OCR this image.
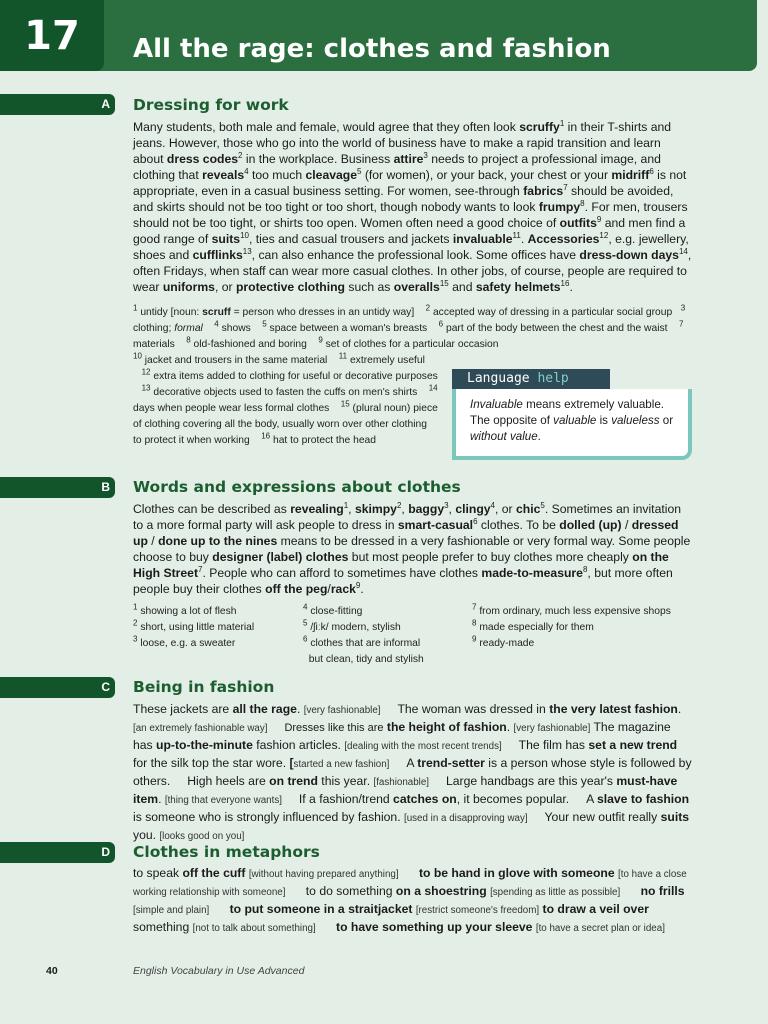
17	All the rage: clothes and fashion
A	Dressing for work

Many students, both male and female, would agree that they often look scruffy$^1$ in their T-shirts and jeans. However, those who go into the world of business have to make a rapid transition and learn about dress codes$^2$ in the workplace. Business attire$^3$ needs to project a professional image, and clothing that reveals$^4$ too much cleavage$^5$ (for women), or your back, your chest or your midriff$^6$ is not appropriate, even in a casual business setting. For women, see-through fabrics$^7$ should be avoided, and skirts should not be too tight or too short, though nobody wants to look frumpy$^8$. For men, trousers should not be too tight, or shirts too open. Women often need a good choice of outfits$^9$ and men find a good range of suits$^{10}$, ties and casual trousers and jackets invaluable$^{11}$. Accessories$^{12}$, e.g. jewellery, shoes and cufflinks$^{13}$, can also enhance the professional look. Some offices have dress-down days$^{14}$, often Fridays, when staff can wear more casual clothes. In other jobs, of course, people are required to wear uniforms, or protective clothing such as overalls$^{15}$ and safety helmets$^{16}$.

$^1$ untidy [noun: scruff = person who dresses in an untidy way]    $^2$ accepted way of dressing in a particular social group   $^3$ clothing; formal $^4$ shows    $^5$ space between a woman's breasts    $^6$ part of the body between the chest and the waist    $^7$ materials    $^8$ old-fashioned and boring    $^9$ set of clothes for a particular occasion
$^{10}$ jacket and trousers in the same material    $^{11}$ extremely useful    $^{12}$ extra items added to clothing for useful or decorative purposes    $^{13}$ decorative objects used to fasten the cuffs on men's shirts    $^{14}$ days when people wear less formal clothes    $^{15}$ (plural noun) piece of clothing covering all the body, usually worn over other clothing to protect it when working    $^{16}$ hat to protect the head
Language help
Invaluable means extremely valuable.
The opposite of valuable is valueless or
without value.
B	Words and expressions about clothes

Clothes can be described as revealing$^1$, skimpy$^2$, baggy$^3$, clingy$^4$, or chic$^5$. Sometimes an invitation to a more formal party will ask people to dress in smart-casual$^6$ clothes. To be dolled (up) / dressed up / done up to the nines means to be dressed in a very fashionable or very formal way. Some people choose to buy designer (label) clothes but most people prefer to buy clothes more cheaply on the High Street$^7$. People who can afford to sometimes have clothes made-to-measure$^8$, but more often people buy their clothes off the peg/rack$^9$.

$^1$ showing a lot of flesh
$^2$ short, using little material
$^3$ loose, e.g. a sweater
$^4$ close-fitting
$^5$ /ʃiːk/ modern, stylish
$^6$ clothes that are informal
but clean, tidy and stylish
$^7$ from ordinary, much less expensive shops
$^8$ made especially for them
$^9$ ready-made
C	Being in fashion

These jackets are all the rage. [very fashionable]     The woman was dressed in the very latest fashion. [an extremely fashionable way] Dresses like this are the height of fashion. [very fashionable] The magazine has up-to-the-minute fashion articles. [dealing with the most recent trends]     The film has set a new trend for the silk top the star wore. [started a new fashion]     A trend-setter is a person whose style is followed by others.     High heels are on trend this year. [fashionable]     Large handbags are this year's must-have item. [thing that everyone wants]     If a fashion/trend catches on, it becomes popular.     A slave to fashion is someone who is strongly influenced by fashion. [used in a disapproving way]     Your new outfit really suits you. [looks good on you]

D	Clothes in metaphors

to speak off the cuff [without having prepared anything] to be hand in glove with someone [to have a close working relationship with someone]      to do something on a shoestring [spending as little as possible] no frills [simple and plain] to put someone in a straitjacket [restrict someone's freedom] to draw a veil over something [not to talk about something] to have something up your sleeve [to have a secret plan or idea]

40	English Vocabulary in Use Advanced
